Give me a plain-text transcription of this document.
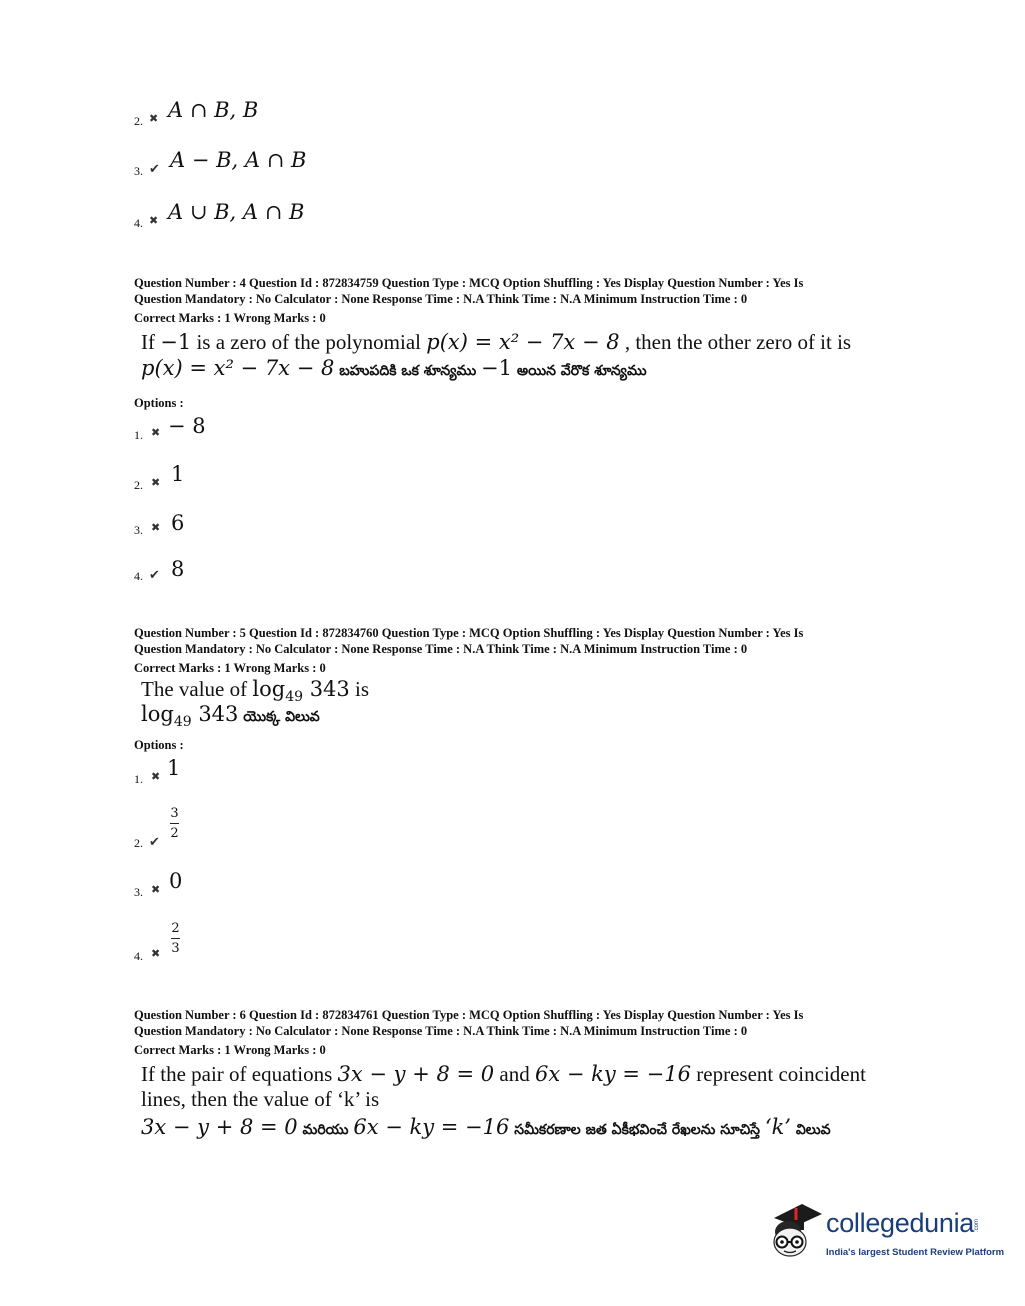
2. ✖ A ∩ B, B
3. ✔ A − B, A ∩ B
4. ✖ A ∪ B, A ∩ B
Question Number : 4 Question Id : 872834759 Question Type : MCQ Option Shuffling : Yes Display Question Number : Yes Is
Question Mandatory : No Calculator : None Response Time : N.A Think Time : N.A Minimum Instruction Time : 0
Correct Marks : 1 Wrong Marks : 0
If −1 is a zero of the polynomial p(x) = x² − 7x − 8 , then the other zero of it is
p(x) = x² − 7x − 8 బహుపదికి ఒక శూన్యము −1 అయిన వేరొక శూన్యము
Options :
1. ✖ − 8
2. ✖ 1
3. ✖ 6
4. ✔ 8
Question Number : 5 Question Id : 872834760 Question Type : MCQ Option Shuffling : Yes Display Question Number : Yes Is
Question Mandatory : No Calculator : None Response Time : N.A Think Time : N.A Minimum Instruction Time : 0
Correct Marks : 1 Wrong Marks : 0
The value of $\log_{49} 343$ is
$\log_{49} 343$ యొక్క విలువ
Options :
1. ✖ 1
2. ✔
3
2
3. ✖ 0
4. ✖
2
3
Question Number : 6 Question Id : 872834761 Question Type : MCQ Option Shuffling : Yes Display Question Number : Yes Is
Question Mandatory : No Calculator : None Response Time : N.A Think Time : N.A Minimum Instruction Time : 0
Correct Marks : 1 Wrong Marks : 0
If the pair of equations 3x − y + 8 = 0 and 6x − ky = −16 represent coincident
lines, then the value of ‘k’ is
3x − y + 8 = 0 మరియు 6x − ky = −16 సమీకరణాల జత ఏకీభవించే రేఖలను సూచిస్తే ‘k’ విలువ
collegedunia.com
India's largest Student Review Platform
